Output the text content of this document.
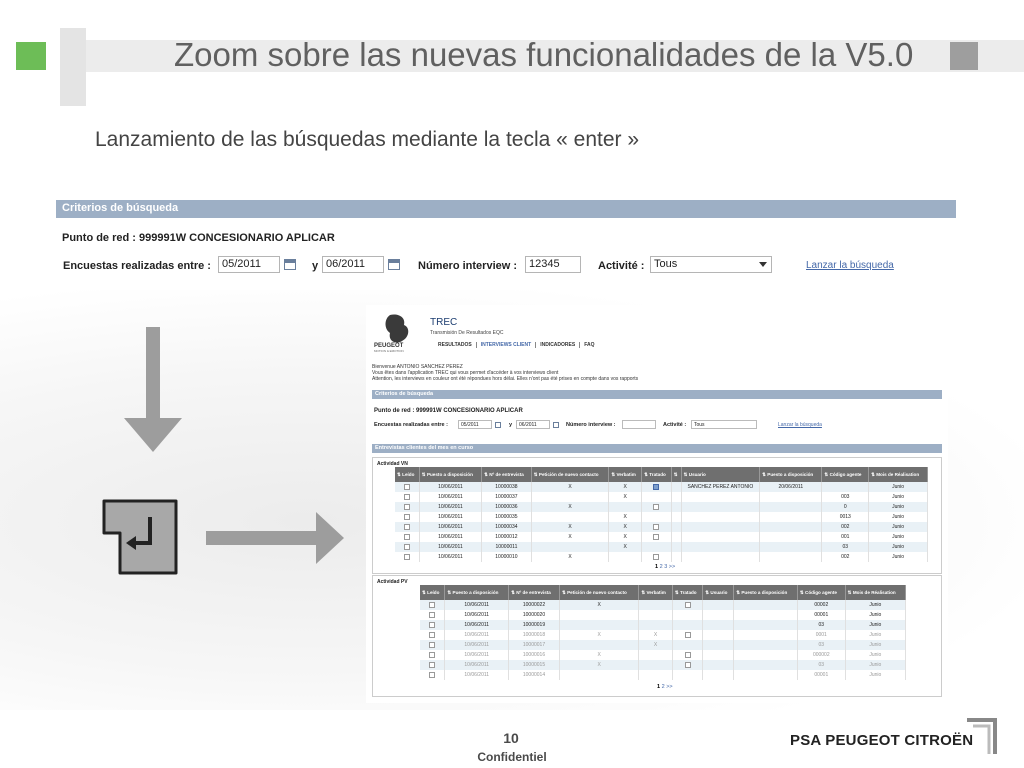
Zoom sobre las nuevas funcionalidades de la V5.0
Lanzamiento de las búsquedas mediante la tecla « enter »
Criterios de búsqueda
Punto de red : 999991W CONCESIONARIO APLICAR
Encuestas realizadas entre :	05/2011	y 06/2011	Número interview :	12345	Activité : Tous	Lanzar la búsqueda
PEUGEOT
MOTION & EMOTION
TREC
Transmisión De Resultados EQC
RESULTADOS	INTERVIEWS CLIENT	INDICADORES	FAQ
Bienvenue ANTONIO SANCHEZ PEREZ
Vous êtes dans l'application TREC qui vous permet d'accéder à vos interviews client
Attention, les interviews en couleur ont été répondues hors délai. Elles n'ont pas été prises en compte dans vos rapports
Criterios de búsqueda
Punto de red : 999991W CONCESIONARIO APLICAR
Encuestas realizadas entre :	05/2011	y	06/2011	Número interview :	Activité :	Tous	Lanzar la búsqueda
Entrevistas clientes del mes en curso
Actividad VN
⇅ Leído	⇅ Puesto a disposición	⇅ Nº de entrevista	⇅ Petición de nuevo contacto	⇅ Verbatim	⇅ Tratado	⇅	⇅ Usuario	⇅ Puesto a disposición	⇅ Código agente	⇅ Mois de Réalisation
	10/06/2011	10000038	X	X			SANCHEZ PEREZ ANTONIO	20/06/2011		Junio
	10/06/2011	10000037		X					003	Junio
	10/06/2011	10000036	X						0	Junio
	10/06/2011	10000035		X					0013	Junio
	10/06/2011	10000034	X	X					002	Junio
	10/06/2011	10000012	X	X					001	Junio
	10/06/2011	10000011		X					03	Junio
	10/06/2011	10000010	X						002	Junio
1 2 3 >>
Actividad PV
⇅ Leído	⇅ Puesto a disposición	⇅ Nº de entrevista	⇅ Petición de nuevo contacto	⇅ Verbatim	⇅ Tratado	⇅ Usuario	⇅ Puesto a disposición	⇅ Código agente	⇅ Mois de Réalisation
	10/06/2011	10000022	X					00002	Junio
	10/06/2011	10000020						00001	Junio
	10/06/2011	10000019						03	Junio
	10/06/2011	10000018	X	X				0001	Junio
	10/06/2011	10000017		X				03	Junio
	10/06/2011	10000016	X					000002	Junio
	10/06/2011	10000015	X					03	Junio
	10/06/2011	10000014						00001	Junio
1 2 >>
10
Confidentiel
PSA PEUGEOT CITROËN
